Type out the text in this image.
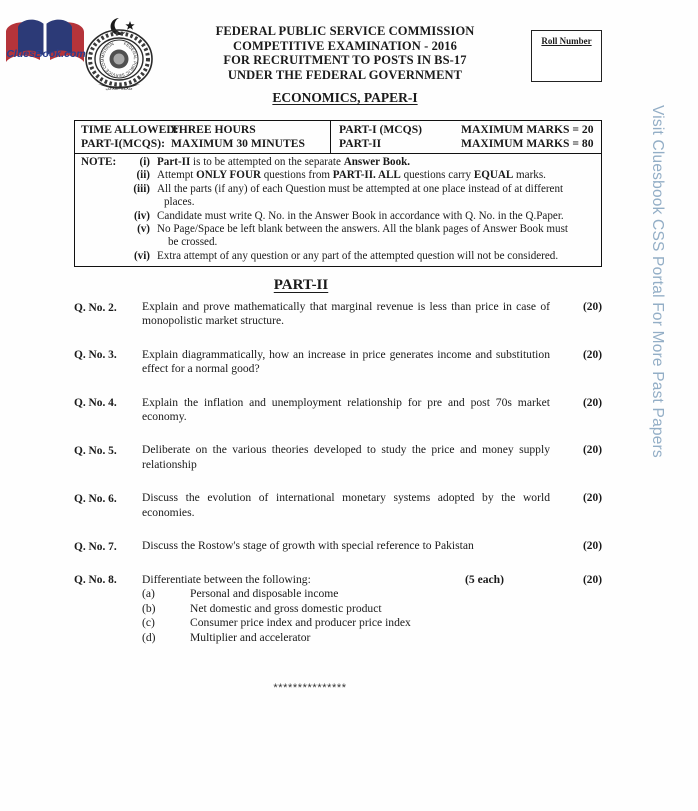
CluesBook.com
FEDERAL PUBLIC SERVICE COMMISSION
متحده اسلامی
FEDERAL PUBLIC SERVICE COMMISSION
COMPETITIVE EXAMINATION - 2016
FOR RECRUITMENT TO POSTS IN BS-17
UNDER THE FEDERAL GOVERNMENT
ECONOMICS, PAPER-I
Roll Number
TIME ALLOWED:
THREE HOURS
PART-I(MCQS): MAXIMUM 30 MINUTES
PART-I (MCQS)	MAXIMUM MARKS = 20
PART-II	MAXIMUM MARKS = 80
NOTE:	(i) Part-II is to be attempted on the separate Answer Book.
(ii) Attempt ONLY FOUR questions from PART-II. ALL questions carry EQUAL marks.
(iii) All the parts (if any) of each Question must be attempted at one place instead of at different
places.
(iv) Candidate must write Q. No. in the Answer Book in accordance with Q. No. in the Q.Paper.
(v) No Page/Space be left blank between the answers. All the blank pages of Answer Book must
be crossed.
(vi) Extra attempt of any question or any part of the attempted question will not be considered.
PART-II
Q. No. 2.	Explain and prove mathematically that marginal revenue is less than price in case of monopolistic market structure.
(20)
Q. No. 3.	Explain diagrammatically, how an increase in price generates income and substitution effect for a normal good?
(20)
Q. No. 4.	Explain the inflation and unemployment relationship for pre and post 70s market economy.
(20)
Q. No. 5.	Deliberate on the various theories developed to study the price and money supply relationship
(20)
Q. No. 6.	Discuss the evolution of international monetary systems adopted by the world economies.
(20)
Q. No. 7.	Discuss the Rostow's stage of growth with special reference to Pakistan	(20)
Q. No. 8.	Differentiate between the following:	(5 each)
(a)	Personal and disposable income
(b)	Net domestic and gross domestic product
(c)	Consumer price index and producer price index
(d)	Multiplier and accelerator
(20)
***************
Visit Cluesbook CSS Portal For More Past Papers
